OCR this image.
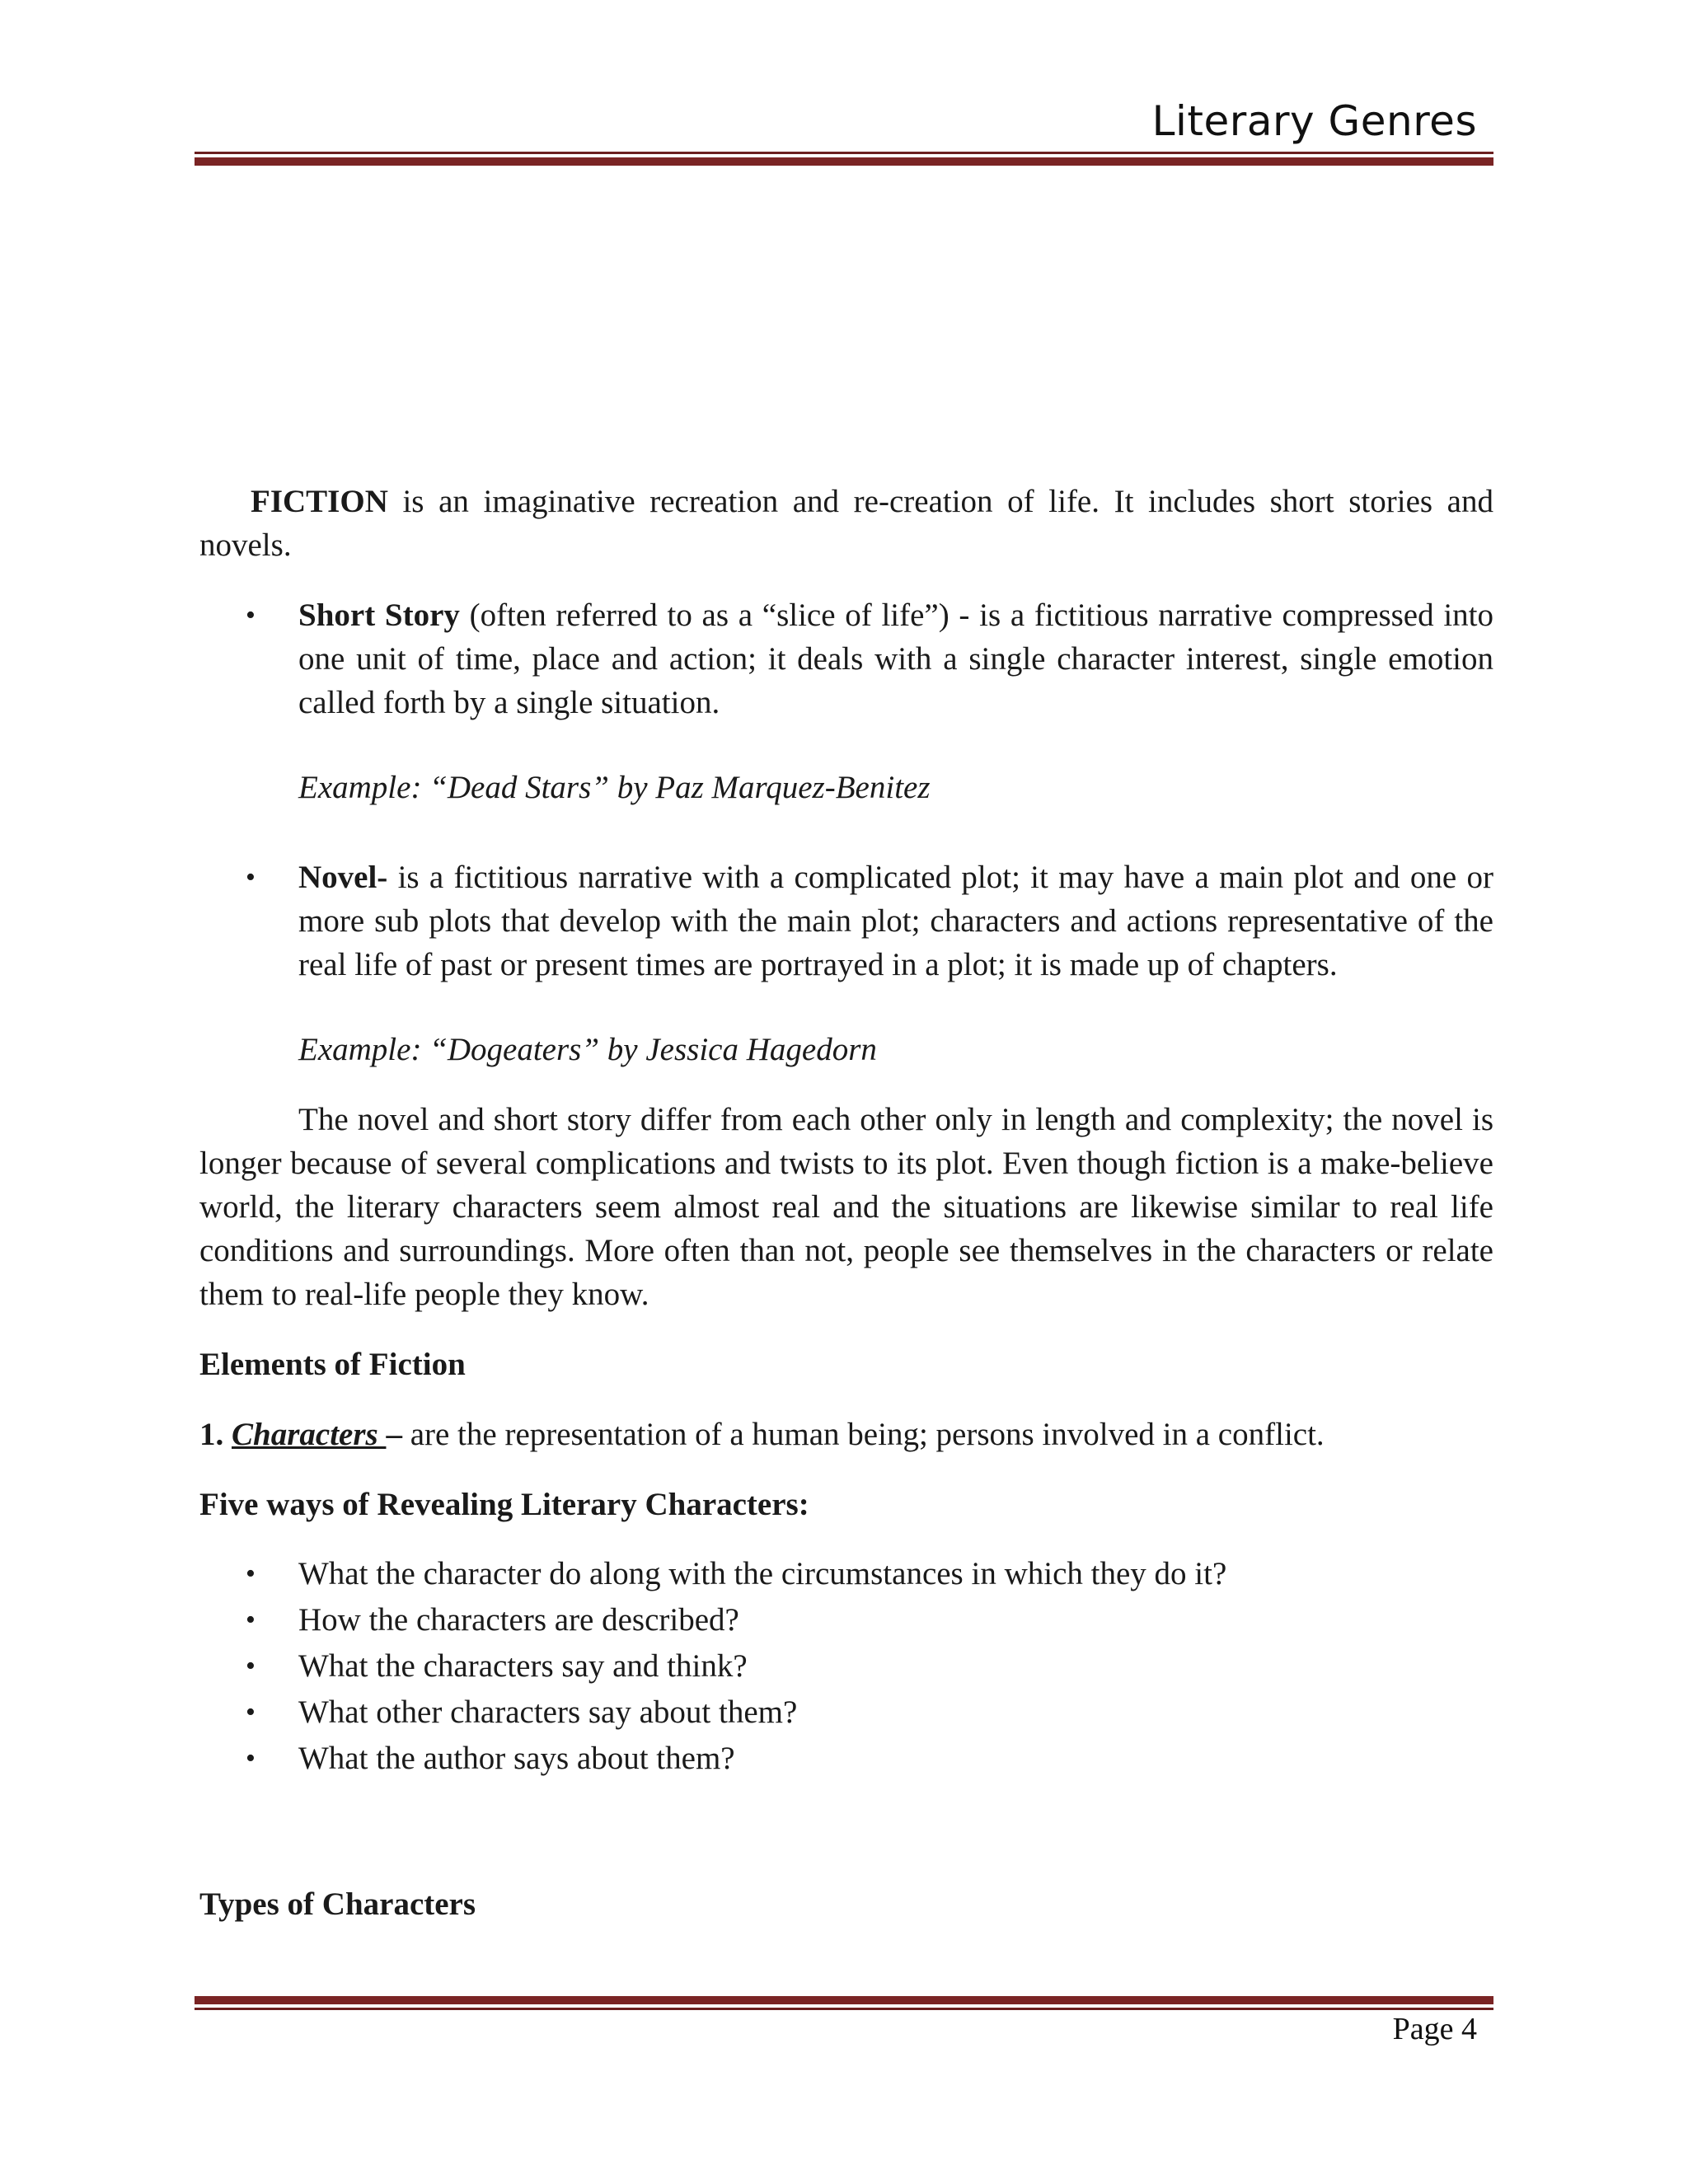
Literary Genres

FICTION is an imaginative recreation and re-creation of life. It includes short stories and novels.

• Short Story (often referred to as a “slice of life”) - is a fictitious narrative compressed into one unit of time, place and action; it deals with a single character interest, single emotion called forth by a single situation.

Example: “Dead Stars” by Paz Marquez-Benitez

• Novel- is a fictitious narrative with a complicated plot; it may have a main plot and one or more sub plots that develop with the main plot; characters and actions representative of the real life of past or present times are portrayed in a plot; it is made up of chapters.

Example: “Dogeaters” by Jessica Hagedorn

The novel and short story differ from each other only in length and complexity; the novel is longer because of several complications and twists to its plot. Even though fiction is a make-believe world, the literary characters seem almost real and the situations are likewise similar to real life conditions and surroundings. More often than not, people see themselves in the characters or relate them to real-life people they know.

Elements of Fiction

1. Characters – are the representation of a human being; persons involved in a conflict.

Five ways of Revealing Literary Characters:

• What the character do along with the circumstances in which they do it?
• How the characters are described?
• What the characters say and think?
• What other characters say about them?
• What the author says about them?

Types of Characters

Page 4
